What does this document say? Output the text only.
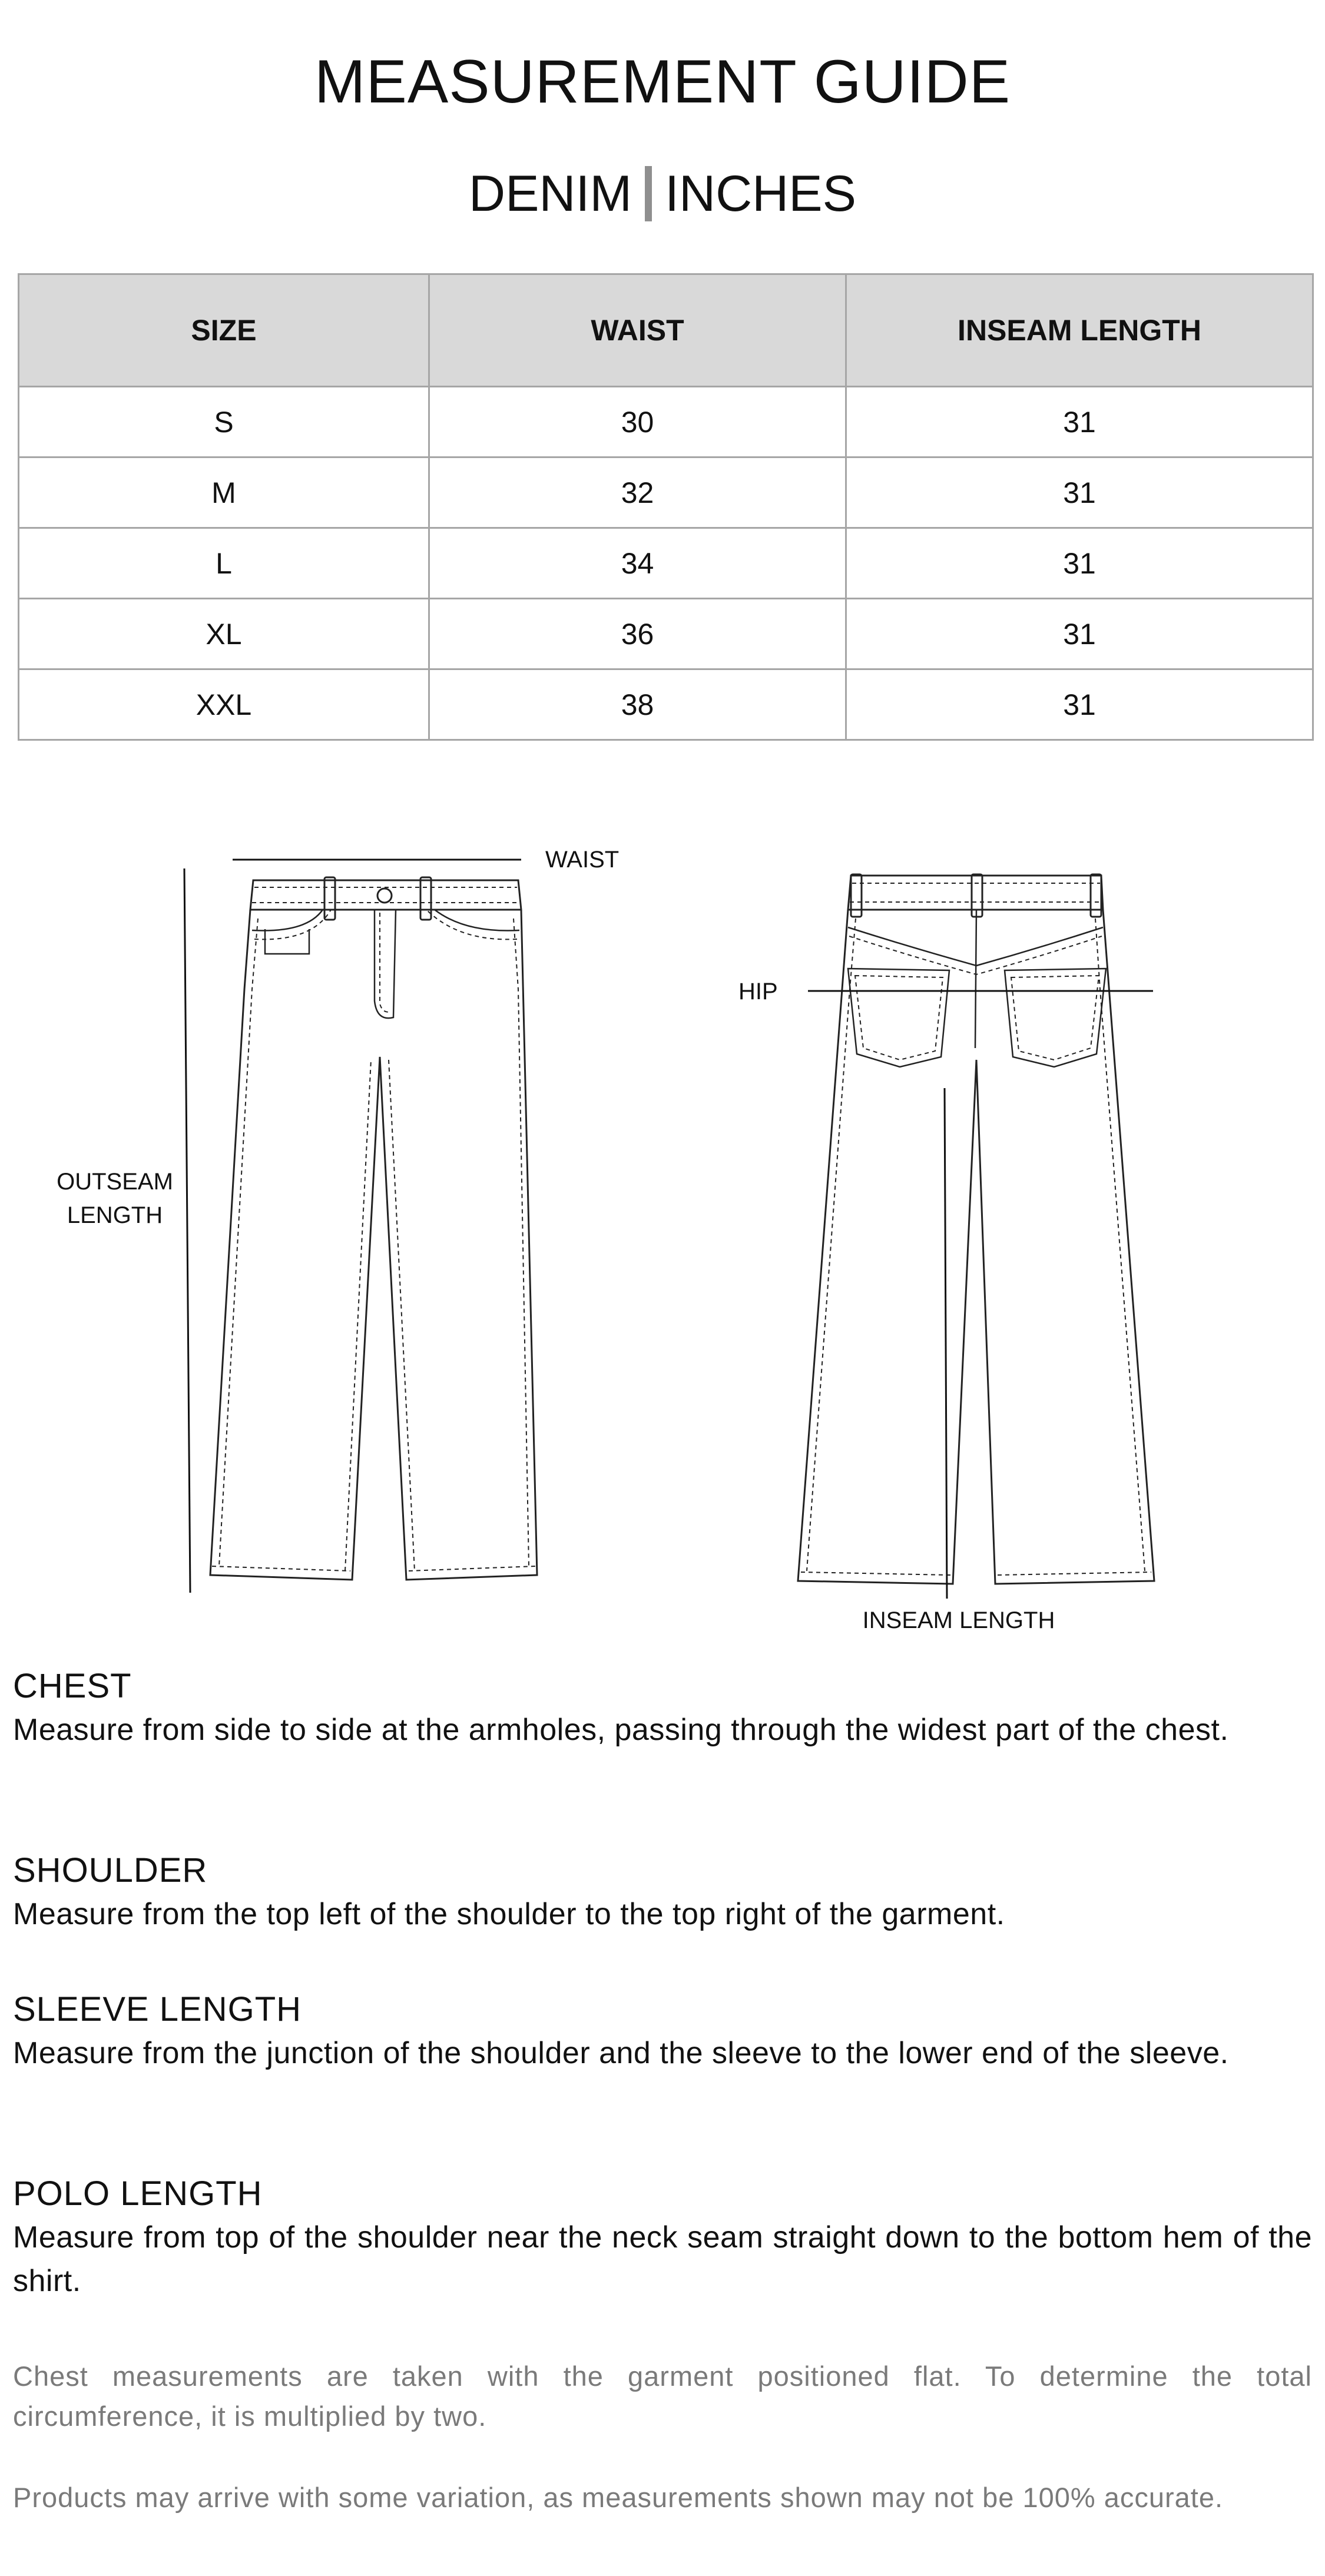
MEASUREMENT GUIDE
DENIM INCHES
SIZE	WAIST	INSEAM LENGTH
S	30	31
M	32	31
L	34	31
XL	36	31
XXL	38	31
WAIST
OUTSEAM
LENGTH
HIP
INSEAM LENGTH
CHEST
Measure from side to side at the armholes, passing through the widest part of the chest.
SHOULDER
Measure from the top left of the shoulder to the top right of the garment.
SLEEVE LENGTH
Measure from the junction of the shoulder and the sleeve to the lower end of the sleeve.
POLO LENGTH
Measure from top of the shoulder near the neck seam straight down to the bottom hem of the shirt.
Chest measurements are taken with the garment positioned flat. To determine the total circumference, it is multiplied by two.
Products may arrive with some variation, as measurements shown may not be 100% accurate.
